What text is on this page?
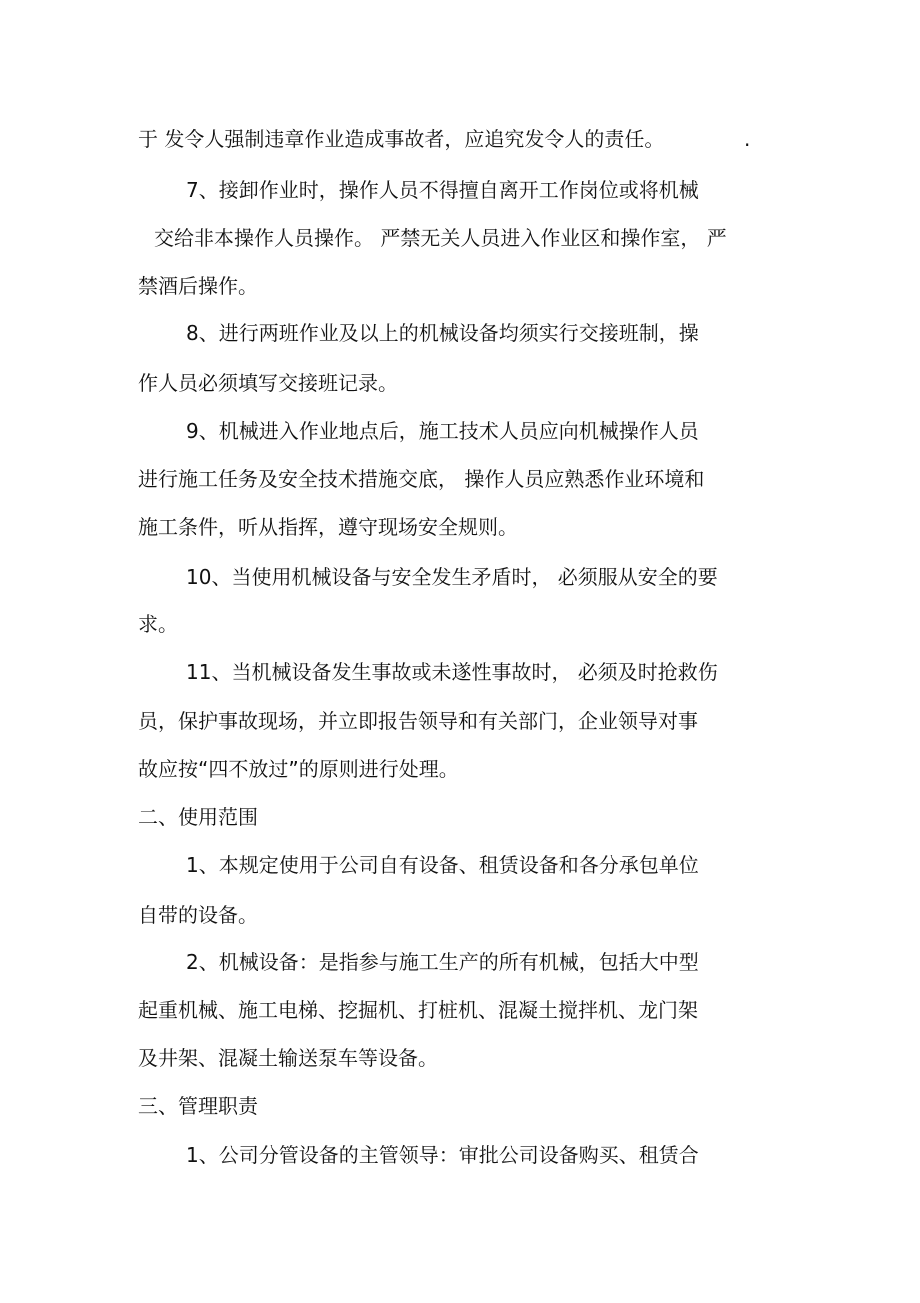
于 发令人强制违章作业造成事故者，应追究发令人的责任。	.
7、接卸作业时，操作人员不得擅自离开工作岗位或将机械
交给非本操作人员操作。 严禁无关人员进入作业区和操作室， 严
禁酒后操作。
8、进行两班作业及以上的机械设备均须实行交接班制，操
作人员必须填写交接班记录。
9、机械进入作业地点后，施工技术人员应向机械操作人员
进行施工任务及安全技术措施交底， 操作人员应熟悉作业环境和
施工条件，听从指挥，遵守现场安全规则。
10、当使用机械设备与安全发生矛盾时， 必须服从安全的要
求。
11、当机械设备发生事故或未遂性事故时， 必须及时抢救伤
员，保护事故现场，并立即报告领导和有关部门，企业领导对事
故应按“四不放过”的原则进行处理。
二、使用范围
1、本规定使用于公司自有设备、租赁设备和各分承包单位
自带的设备。
2、机械设备：是指参与施工生产的所有机械，包括大中型
起重机械、施工电梯、挖掘机、打桩机、混凝土搅拌机、龙门架
及井架、混凝土输送泵车等设备。
三、管理职责
1、公司分管设备的主管领导：审批公司设备购买、租赁合
